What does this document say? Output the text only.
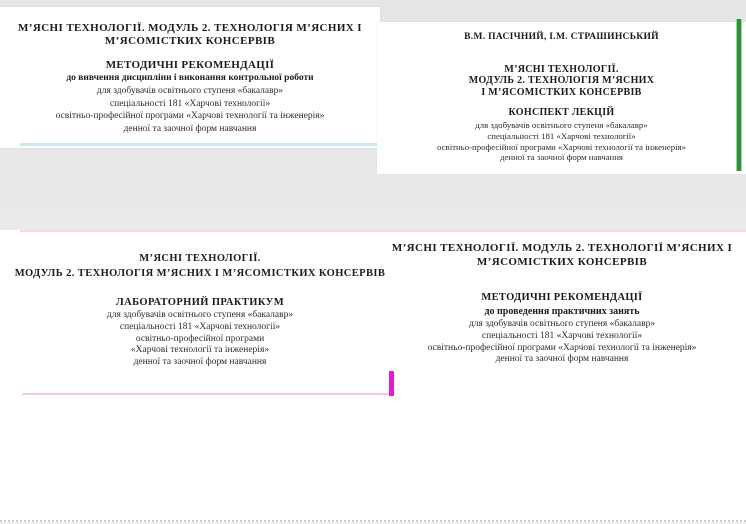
М’ЯСНІ ТЕХНОЛОГІЇ. МОДУЛЬ 2. ТЕХНОЛОГІЯ М’ЯСНИХ І
М’ЯСОМІСТКИХ КОНСЕРВІВ
МЕТОДИЧНІ РЕКОМЕНДАЦІЇ
до вивчення дисципліни і виконання контрольної роботи
для здобувачів освітнього ступеня «бакалавр»
спеціальності 181 «Харчові технології»
освітньо-професійної програми «Харчові технології та інженерія»
денної та заочної форм навчання
В.М. ПАСІЧНИЙ, І.М. СТРАШИНСЬКИЙ
М’ЯСНІ ТЕХНОЛОГІЇ.
МОДУЛЬ 2. ТЕХНОЛОГІЯ М’ЯСНИХ
І М’ЯСОМІСТКИХ КОНСЕРВІВ
КОНСПЕКТ ЛЕКЦІЙ
для здобувачів освітнього ступеня «бакалавр»
спеціальності 181 «Харчові технології»
освітньо-професійної програми «Харчові технології та інженерія»
денної та заочної форм навчання
М’ЯСНІ ТЕХНОЛОГІЇ.
МОДУЛЬ 2. ТЕХНОЛОГІЯ М’ЯСНИХ І М’ЯСОМІСТКИХ КОНСЕРВІВ
ЛАБОРАТОРНИЙ ПРАКТИКУМ
для здобувачів освітнього ступеня «бакалавр»
спеціальності 181 «Харчові технології»
освітньо-професійної програми
«Харчові технології та інженерія»
денної та заочної форм навчання
М’ЯСНІ ТЕХНОЛОГІЇ. МОДУЛЬ 2. ТЕХНОЛОГІЇ М’ЯСНИХ І
М’ЯСОМІСТКИХ КОНСЕРВІВ
МЕТОДИЧНІ РЕКОМЕНДАЦІЇ
до проведення практичних занять
для здобувачів освітнього ступеня «бакалавр»
спеціальності 181 «Харчові технології»
освітньо-професійної програми «Харчові технології та інженерія»
денної та заочної форм навчання
